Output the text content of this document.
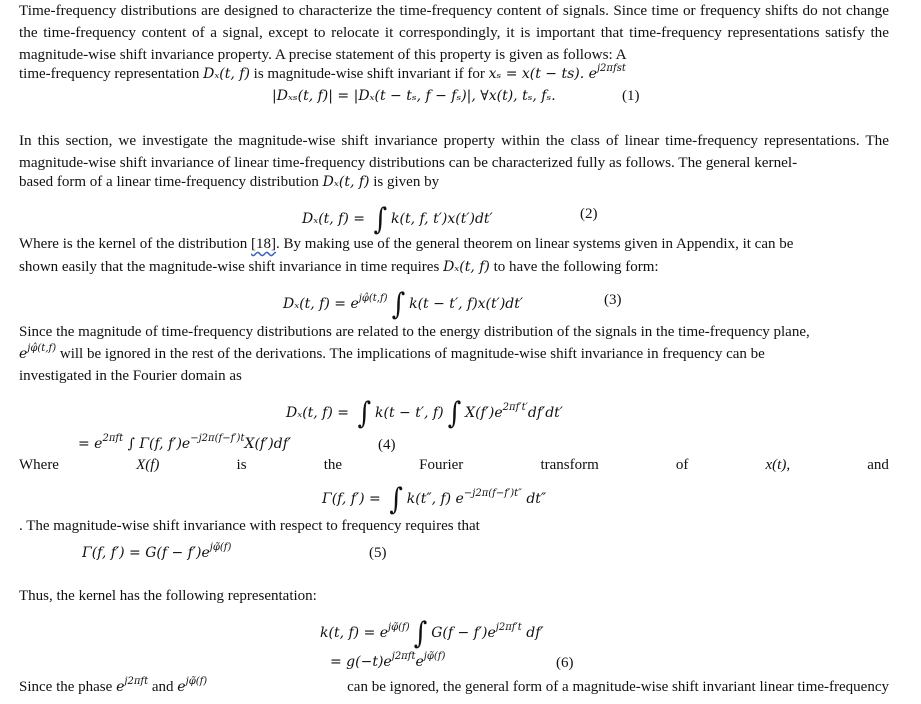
Time-frequency distributions are designed to characterize the time-frequency content of signals. Since time or frequency shifts do not change the time-frequency content of a signal, except to relocate it correspondingly, it is important that time-frequency representations satisfy the magnitude-wise shift invariance property. A precise statement of this property is given as follows: A

time-frequency representation Dₓ(t, f) is magnitude-wise shift invariant if for xₛ = x(t − ts). $e^{j2\pi fst}$
|Dₓₛ(t, f)| = |Dₓ(t − tₛ, f − fₛ)|, ∀x(t), tₛ, fₛ.	(1)

In this section, we investigate the magnitude-wise shift invariance property within the class of linear time-frequency representations. The magnitude-wise shift invariance of linear time-frequency distributions can be characterized fully as follows. The general kernel-

based form of a linear time-frequency distribution Dₓ(t, f) is given by
Dₓ(t, f) = ∫ k(t, f, t′)x(t′)dt′	(2)
Where is the kernel of the distribution [18]. By making use of the general theorem on linear systems given in Appendix, it can be
shown easily that the magnitude-wise shift invariance in time requires Dₓ(t, f) to have the following form:
Dₓ(t, $f) = e^{j\varphî(t,f)}$ ∫ k(t − t′, f)x(t′)dt′	(3)
Since the magnitude of time-frequency distributions are related to the energy distribution of the signals in the time-frequency plane,
$e^{j\varphî(t,f)}$ will be ignored in the rest of the derivations. The implications of magnitude-wise shift invariance in frequency can be
investigated in the Fourier domain as
Dₓ(t, f) = ∫ k(t − t′, f) ∫ $X(f')e^{2\pi f't'}df'dt'$
= $e^{2\pi ft}$ ∫ Γ(f, $f')e^{-j2\pi(f-f')t}X(f')df'$	(4)
Where	X(f)	is	the	Fourier	transform	of	x(t),	and
Γ(f, f′) = ∫ k(t″, f) $e^{-j2\pi(f-f')t''}$ dt″
. The magnitude-wise shift invariance with respect to frequency requires that
Γ(f, $f') = G(f - f')e^{j\varphĩ(f)}$	(5)
Thus, the kernel has the following representation:
k(t, $f) = e^{j\varphĩ(f)}$ ∫ $G(f - f')e^{j2\pi f't}$ df′
= $g(-t)e^{j2\pi ft}e^{j\varphĩ(f)}$	(6)
Since the phase $e^{j2\pi ft}$ and $e^{j\varphĩ(f)}$	can be ignored, the general form of a magnitude-wise shift invariant linear time-frequency
